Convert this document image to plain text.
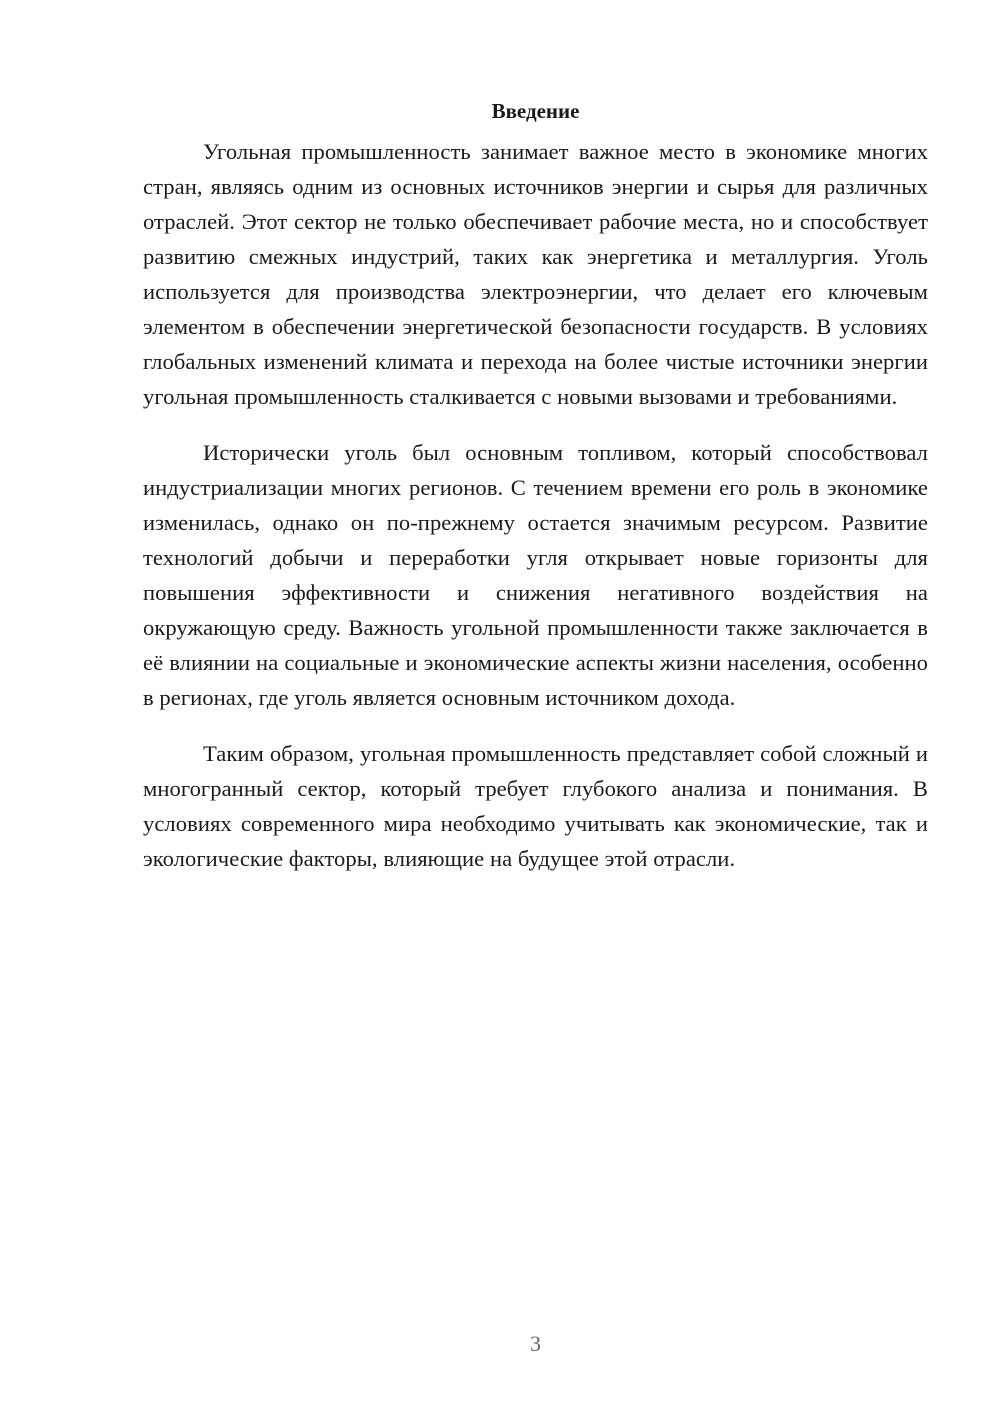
Введение

Угольная промышленность занимает важное место в экономике многих стран, являясь одним из основных источников энергии и сырья для различных отраслей. Этот сектор не только обеспечивает рабочие места, но и способствует развитию смежных индустрий, таких как энергетика и металлургия. Уголь используется для производства электроэнергии, что делает его ключевым элементом в обеспечении энергетической безопасности государств. В условиях глобальных изменений климата и перехода на более чистые источники энергии угольная промышленность сталкивается с новыми вызовами и требованиями.

Исторически уголь был основным топливом, который способствовал индустриализации многих регионов. С течением времени его роль в экономике изменилась, однако он по-прежнему остается значимым ресурсом. Развитие технологий добычи и переработки угля открывает новые горизонты для повышения эффективности и снижения негативного воздействия на окружающую среду. Важность угольной промышленности также заключается в её влиянии на социальные и экономические аспекты жизни населения, особенно в регионах, где уголь является основным источником дохода.

Таким образом, угольная промышленность представляет собой сложный и многогранный сектор, который требует глубокого анализа и понимания. В условиях современного мира необходимо учитывать как экономические, так и экологические факторы, влияющие на будущее этой отрасли.

3
